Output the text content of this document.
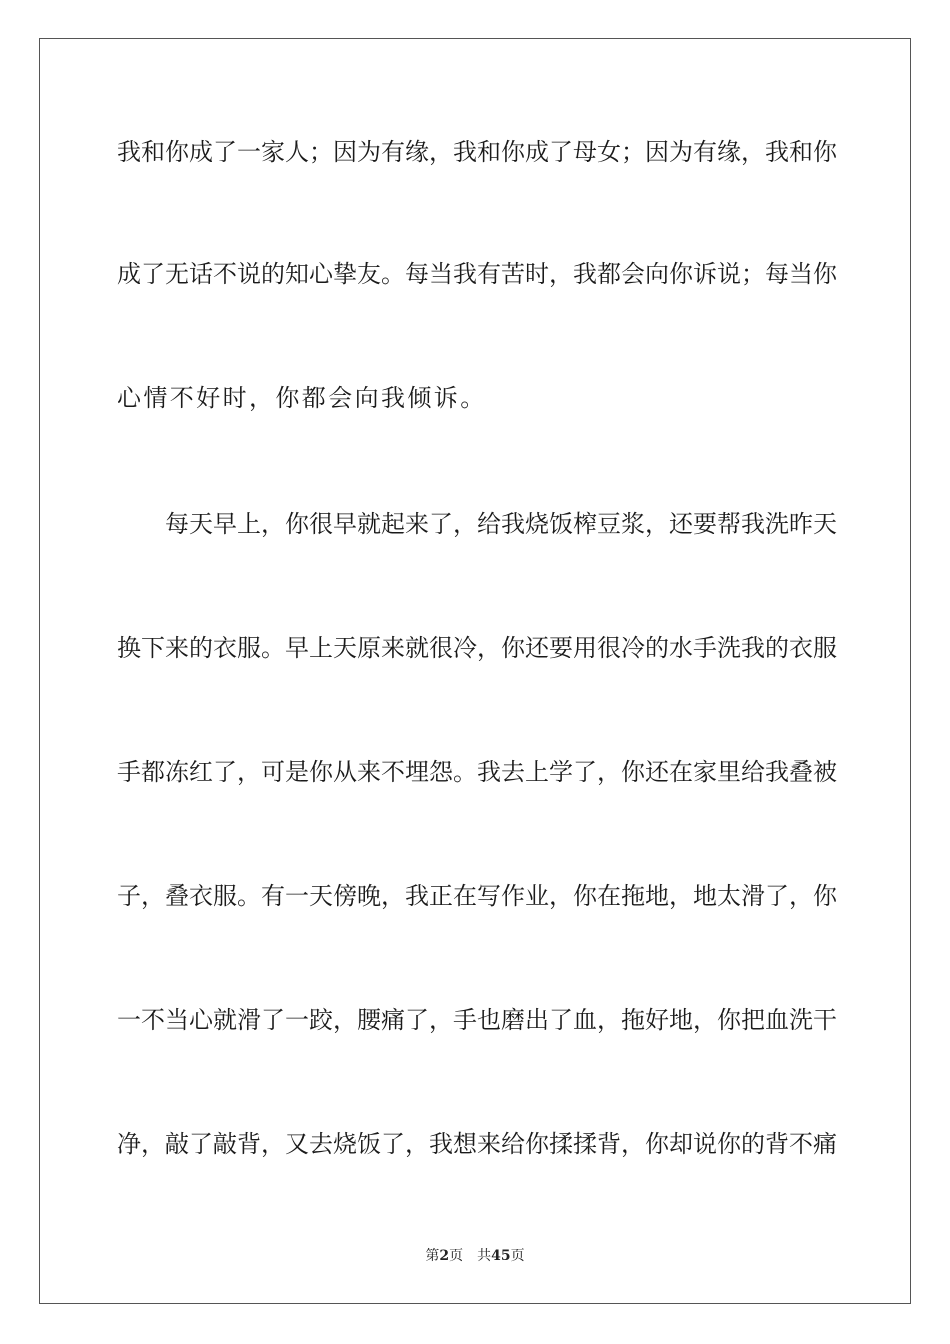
我和你成了一家人；因为有缘，我和你成了母女；因为有缘，我和你
成了无话不说的知心挚友。每当我有苦时，我都会向你诉说；每当你
心情不好时，你都会向我倾诉。
每天早上，你很早就起来了，给我烧饭榨豆浆，还要帮我洗昨天
换下来的衣服。早上天原来就很冷，你还要用很冷的水手洗我的衣服
手都冻红了，可是你从来不埋怨。我去上学了，你还在家里给我叠被
子，叠衣服。有一天傍晚，我正在写作业，你在拖地，地太滑了，你
一不当心就滑了一跤，腰痛了，手也磨出了血，拖好地，你把血洗干
净，敲了敲背，又去烧饭了，我想来给你揉揉背，你却说你的背不痛
第2页 共45页
